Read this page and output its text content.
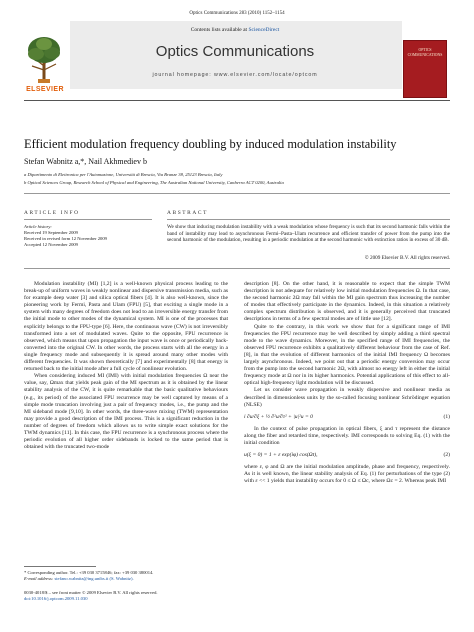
Optics Communications 283 (2010) 1152–1154
Contents lists available at ScienceDirect
Optics Communications
journal homepage: www.elsevier.com/locate/optcom
ELSEVIER
OPTICS COMMUNICATIONS
Efficient modulation frequency doubling by induced modulation instability
Stefan Wabnitz a,*, Nail Akhmediev b
a Dipartimento di Elettronica per l'Automazione, Università di Brescia, Via Branze 38, 25123 Brescia, Italy
b Optical Sciences Group, Research School of Physical and Engineering, The Australian National University, Canberra ACT 0200, Australia
ARTICLE INFO	ABSTRACT
Article history:
Received 19 September 2009
Received in revised form 12 November 2009
Accepted 12 November 2009
We show that inducing modulation instability with a weak modulation whose frequency is such that its second harmonic falls within the band of instability may lead to asynchronous Fermi–Pasta–Ulam recurrence and efficient transfer of power from the pump into the second harmonic of the modulation, resulting in a periodic modulation at the second harmonic with extinction ratios in excess of 30 dB.
© 2009 Elsevier B.V. All rights reserved.

Modulation instability (MI) [1,2] is a well-known physical process leading to the break-up of uniform waves in weakly nonlinear and dispersive transmission media, such as for example deep water [3] and silica optical fibers [4]. It is also well-known, since the pioneering work by Fermi, Pasta and Ulam (FPU) [5], that exciting a single mode in a system with many degrees of freedom does not lead to an irreversible energy transfer from the initial mode to other modes of the dynamical system. MI is one of the processes that explicitly belongs to the FPU-type [6]. Here, the continuous wave (CW) is not irreversibly transformed into a set of modulated waves. Quite to the opposite, FPU recurrence is observed, which means that upon propagation the input wave is once or periodically back-converted into the original CW. In other words, the process starts with all the energy in a single frequency mode and subsequently it is spread around many other modes with different frequencies. It was shown theoretically [7] and experimentally [8] that energy is returned back to the initial mode after a full cycle of nonlinear evolution.

When considering induced MI (IMI) with initial modulation frequencies Ω near the value, say, Ωmax that yields peak gain of the MI spectrum as it is obtained by the linear stability analysis of the CW, it is quite remarkable that the basic qualitative behaviours (e.g., its period) of the associated FPU recurrence may be well captured by means of a simple mode truncation involving just a pair of frequency modes, i.e., the pump and the MI sideband mode [9,10]. In other words, the three-wave mixing (TWM) representation may provide a good description of the IMI process. This is a significant reduction in the number of degrees of freedom which allows us to write simple exact solutions for the TWM dynamics [11]. In this case, the FPU recurrence is a synchronous process where the periodic evolution of all higher order sidebands is locked to the same period that is obtained with the truncated two-mode

description [8]. On the other hand, it is reasonable to expect that the simple TWM description is not adequate for relatively low initial modulation frequencies Ω. In that case, the second harmonic 2Ω may fall within the MI gain spectrum thus increasing the number of modes that effectively participate in the dynamics. Indeed, in this situation a relatively complex spectrum distribution is observed, and it is generally perceived that truncated descriptions in terms of a few spectral modes are of little use [12].

Quite to the contrary, in this work we show that for a significant range of IMI frequencies the FPU recurrence may be well described by simply adding a third spectral mode to the wave dynamics. Moreover, in the specified range of IMI frequencies, the observed FPU recurrence exhibits a qualitatively different behaviour from the case of Ref. [8], in that the evolution of different harmonics of the initial IMI frequency Ω becomes largely asynchronous. Indeed, we point out that a periodic energy conversion may occur from the pump into the second harmonic 2Ω, with almost no energy left in either the initial frequency mode at Ω nor in its higher harmonics. Potential applications of this effect to all-optical high-frequency light modulation will be discussed.

Let us consider wave propagation in weakly dispersive and nonlinear media as described in dimensionless units by the so-called focusing nonlinear Schrödinger equation (NLSE)

i ∂u/∂ξ + ½ ∂²u/∂τ² + |u|²u = 0	(1)

In the context of pulse propagation in optical fibers, ξ and τ represent the distance along the fiber and retarded time, respectively. IMI corresponds to solving Eq. (1) with the initial condition

u(ξ = 0) = 1 + ε exp(iφ) cos(Ωt),	(2)

where ε, φ and Ω are the initial modulation amplitude, phase and frequency, respectively. As it is well known, the linear stability analysis of Eq. (1) for perturbations of the type (2) with ε << 1 yields that instability occurs for 0 ≤ Ω ≤ Ωc, where Ωc = 2. Whereas peak IMI

* Corresponding author. Tel.: +39 030 3715846; fax: +39 030 380014.
E-mail address: stefano.wabnitz@ing.unibs.it (S. Wabnitz).
0030-4018/$ – see front matter © 2009 Elsevier B.V. All rights reserved.
doi:10.1016/j.optcom.2009.11.030
